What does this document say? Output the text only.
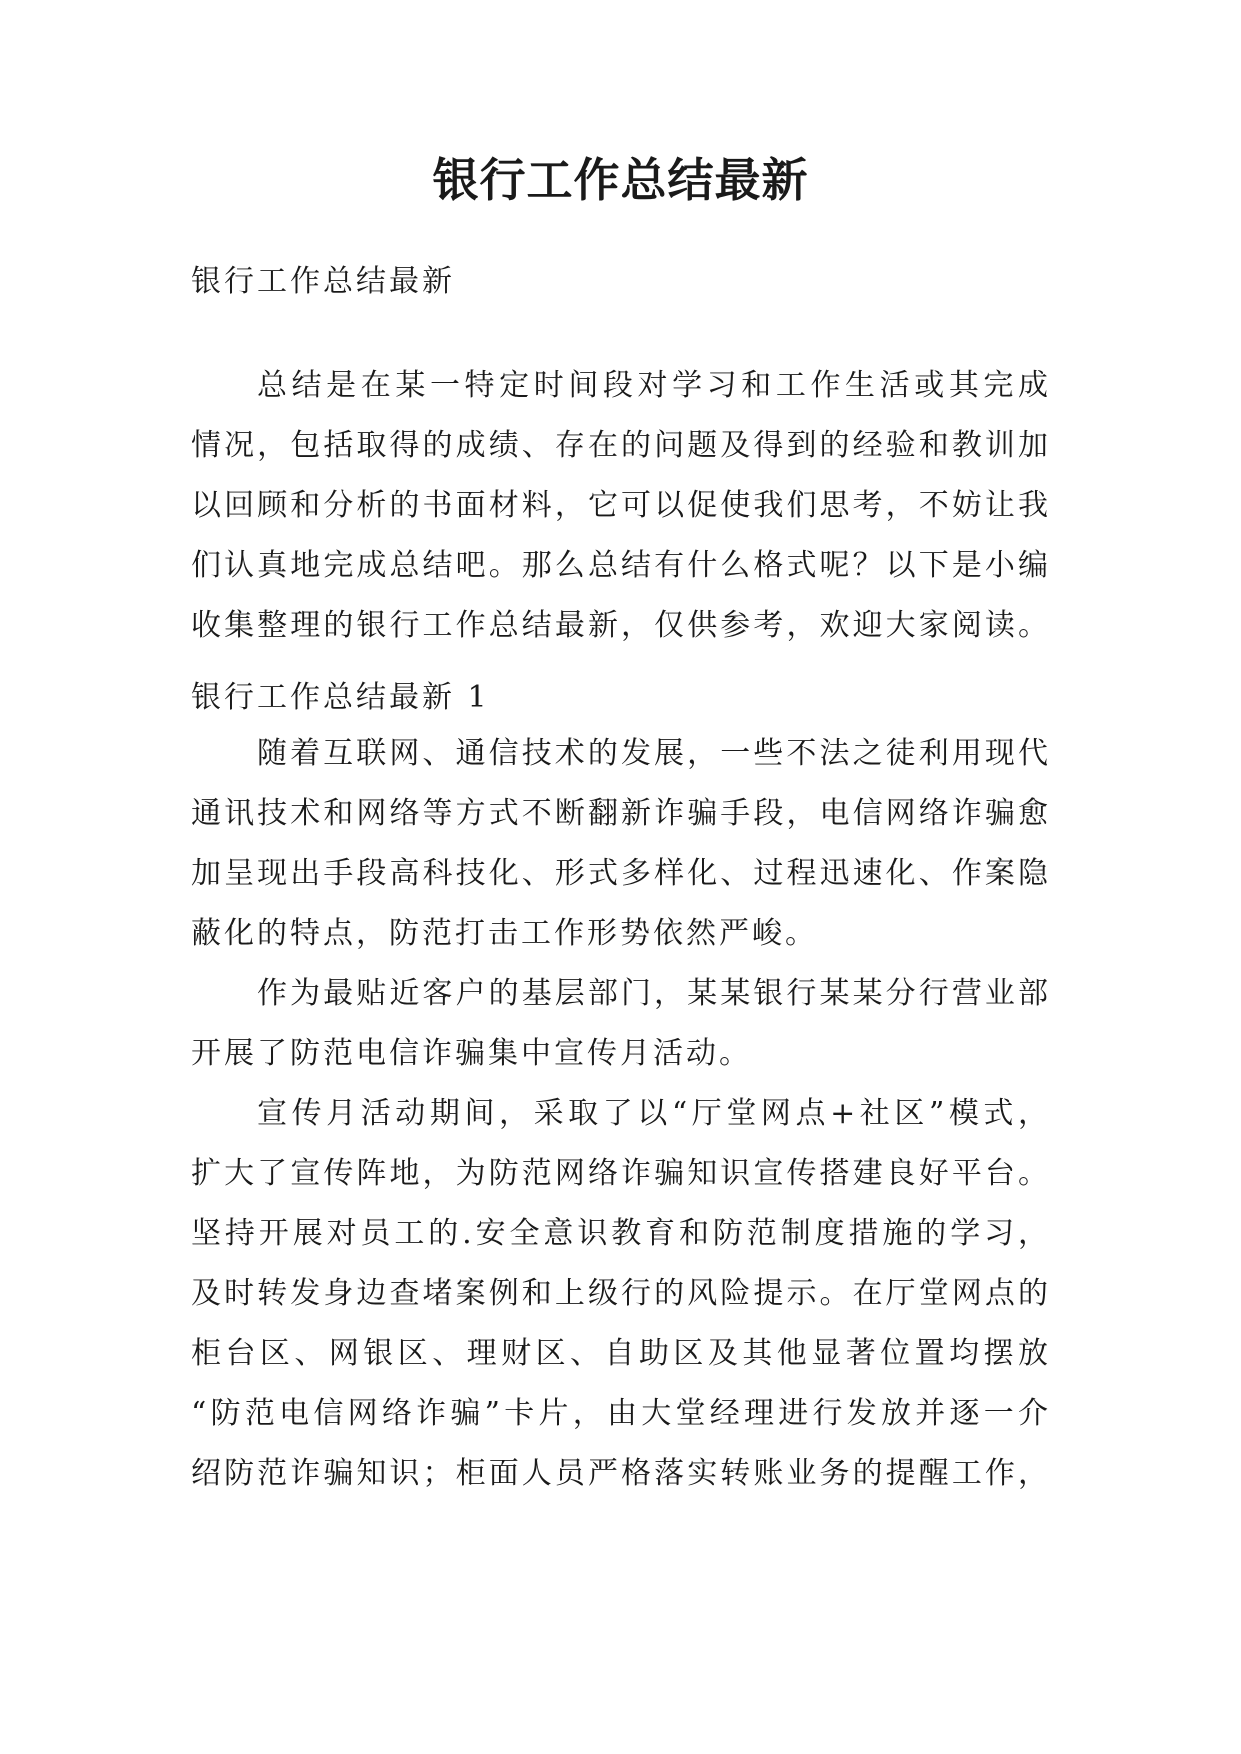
银行工作总结最新

银行工作总结最新

总结是在某一特定时间段对学习和工作生活或其完成
情况，包括取得的成绩、存在的问题及得到的经验和教训加
以回顾和分析的书面材料，它可以促使我们思考，不妨让我
们认真地完成总结吧。那么总结有什么格式呢？以下是小编
收集整理的银行工作总结最新，仅供参考，欢迎大家阅读。

银行工作总结最新 1

随着互联网、通信技术的发展，一些不法之徒利用现代
通讯技术和网络等方式不断翻新诈骗手段，电信网络诈骗愈
加呈现出手段高科技化、形式多样化、过程迅速化、作案隐
蔽化的特点，防范打击工作形势依然严峻。
作为最贴近客户的基层部门，某某银行某某分行营业部
开展了防范电信诈骗集中宣传月活动。
宣传月活动期间，采取了以“厅堂网点+社区”模式，
扩大了宣传阵地，为防范网络诈骗知识宣传搭建良好平台。
坚持开展对员工的.安全意识教育和防范制度措施的学习，
及时转发身边查堵案例和上级行的风险提示。在厅堂网点的
柜台区、网银区、理财区、自助区及其他显著位置均摆放
“防范电信网络诈骗”卡片，由大堂经理进行发放并逐一介
绍防范诈骗知识；柜面人员严格落实转账业务的提醒工作，
